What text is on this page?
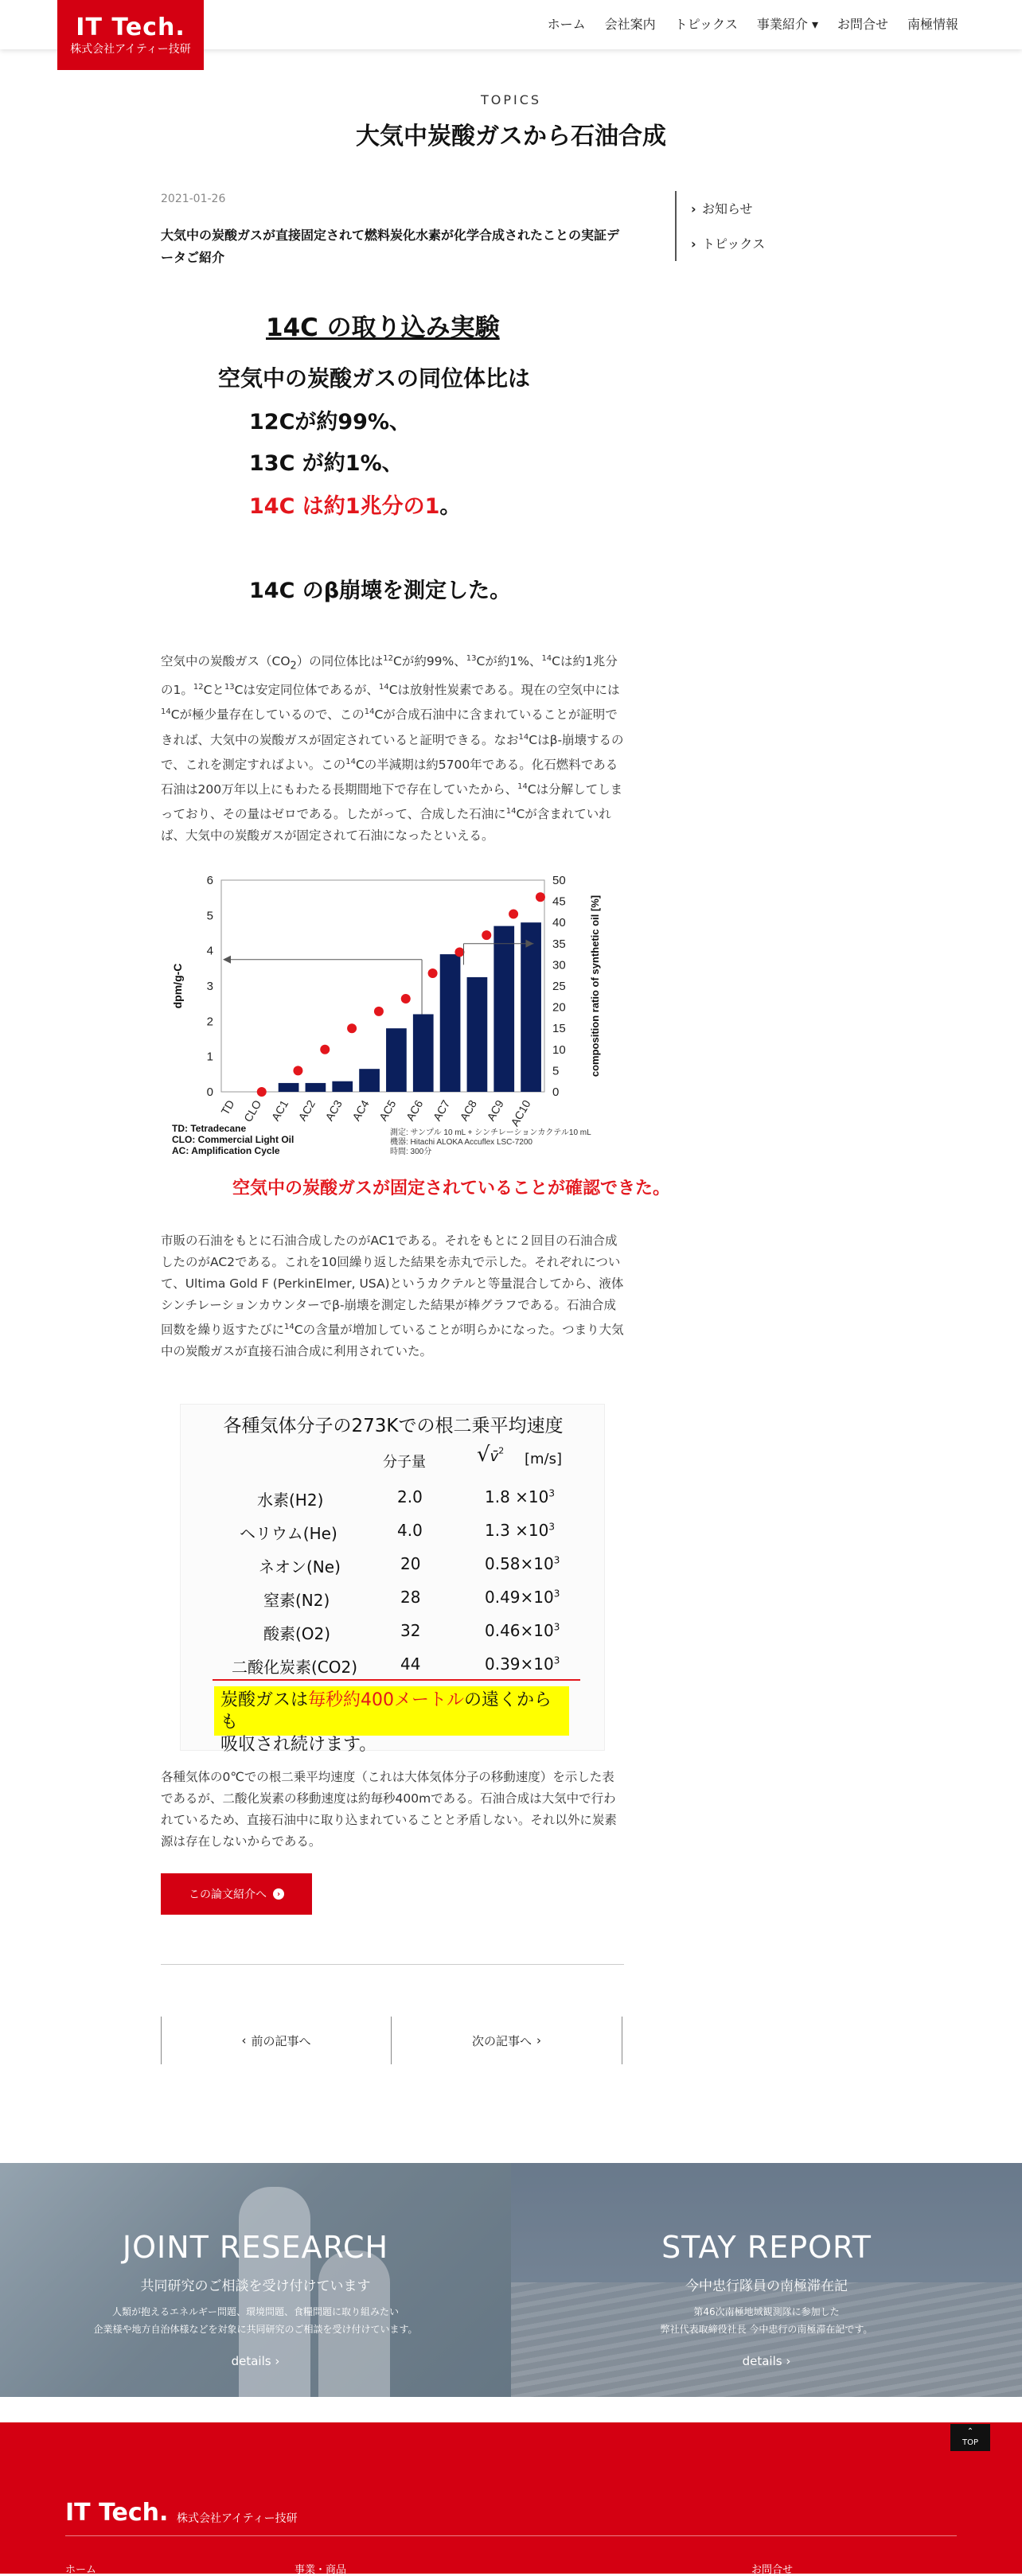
ホーム 会社案内 トピックス 事業紹介 ▾ お問合せ 南極情報
IT Tech.
株式会社アイティー技研
TOPICS
大気中炭酸ガスから石油合成
2021-01-26
大気中の炭酸ガスが直接固定されて燃料炭化水素が化学合成されたことの実証データご紹介
› お知らせ
› トピックス
14C の取り込み実験
空気中の炭酸ガスの同位体比は
12Cが約99%、
13C が約1%、
14C は約1兆分の1。
14C のβ崩壊を測定した。
空気中の炭酸ガス$(CO_2)$の同位体比は$^{12}$Cが約99%、$^{13}$Cが約1%、$^{14}$Cは約1兆分の1。$^{12}$Cと$^{13}$Cは安定同位体であるが、$^{14}$Cは放射性炭素である。現在の空気中には$^{14}$Cが極少量存在しているので、この$^{14}$Cが合成石油中に含まれていることが証明できれば、大気中の炭酸ガスが固定されていると証明できる。なお$^{14}$Cはβ-崩壊するので、これを測定すればよい。この$^{14}$Cの半減期は約5700年である。化石燃料である石油は200万年以上にもわたる長期間地下で存在していたから、$^{14}$Cは分解してしまっており、その量はゼロである。したがって、合成した石油に$^{14}$Cが含まれていれば、大気中の炭酸ガスが固定されて石油になったといえる。
0
1
2
3
4
5
6
0
5
10
15
20
25
30
35
40
45
50
dpm/g-C	composition ratio of synthetic oil [%]
TD CLO AC1 AC2 AC3 AC4 AC5 AC6 AC7 AC8 AC9 AC10
TD: Tetradecane
CLO: Commercial Light Oil
AC: Amplification Cycle
測定: サンプル 10 mL + シンチレーションカクテル10 mL
機器: Hitachi ALOKA Accuflex LSC-7200
時間: 300分
空気中の炭酸ガスが固定されていることが確認できた。
市販の石油をもとに石油合成したのがAC1である。それをもとに２回目の石油合成したのがAC2である。これを10回繰り返した結果を赤丸で示した。それぞれについて、Ultima Gold F (PerkinElmer, USA)というカクテルと等量混合してから、液体シンチレーションカウンターでβ-崩壊を測定した結果が棒グラフである。石油合成回数を繰り返すたびに$^{14}$Cの含量が増加していることが明らかになった。つまり大気中の炭酸ガスが直接石油合成に利用されていた。
各種気体分子の273Kでの根二乗平均速度
分子量 √v̄$^2$
[m/s]
水素(H2)	2.0	$1.8 \times 10^3$
ヘリウム(He)	4.0	$1.3 \times 10^3$
ネオン(Ne)	20	$0.58\times 10^3$
窒素(N2)	28	$0.49\times 10^3$
酸素(O2)	32	$0.46\times 10^3$
二酸化炭素(CO2)	44	$0.39\times 10^3$
炭酸ガスは毎秒約400メートルの遠くからも
吸収され続けます。
各種気体の0℃での根二乗平均速度（これは大体気体分子の移動速度）を示した表であるが、二酸化炭素の移動速度は約毎秒400mである。石油合成は大気中で行われているため、直接石油中に取り込まれていることと矛盾しない。それ以外に炭素源は存在しないからである。
この論文紹介へ	›
‹ 前の記事へ	次の記事へ ›
JOINT RESEARCH
共同研究のご相談を受け付けています
人類が抱えるエネルギー問題、環境問題、食糧問題に取り組みたい
企業様や地方自治体様などを対象に共同研究のご相談を受け付けています。
details ›
STAY REPORT
今中忠行隊員の南極滞在記
第46次南極地域観測隊に参加した
弊社代表取締役社長 今中忠行の南極滞在記です。
details ›
⌃
TOP
IT Tech. 株式会社アイティー技研
ホーム	事業・商品	お問合せ
